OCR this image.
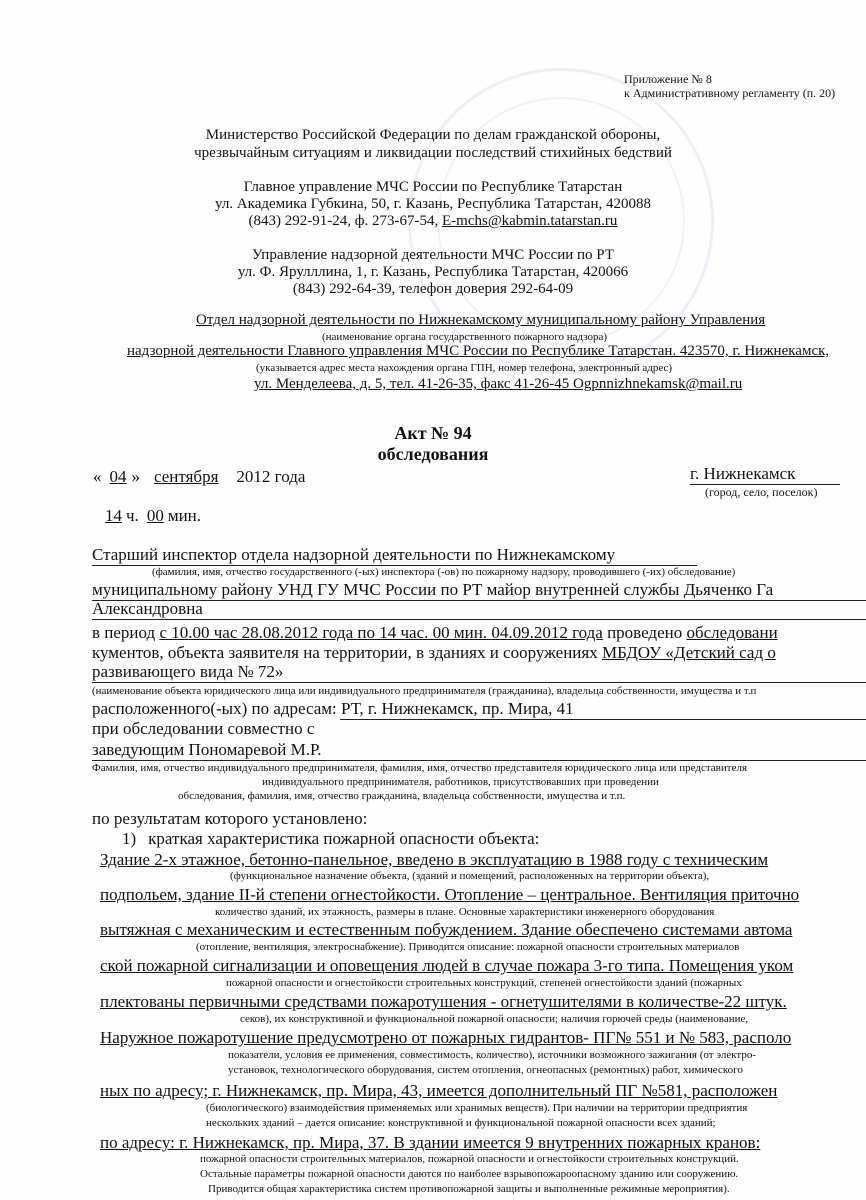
Приложение № 8

к Административному регламенту (п. 20)

Министерство Российской Федерации по делам гражданской обороны,

чрезвычайным ситуациям и ликвидации последствий стихийных бедствий

Главное управление МЧС России по Республике Татарстан

ул. Академика Губкина, 50, г. Казань, Республика Татарстан, 420088

(843) 292-91-24, ф. 273-67-54, E-mchs@kabmin.tatarstan.ru

Управление надзорной деятельности МЧС России по РТ

ул. Ф. Ярулллина, 1, г. Казань, Республика Татарстан, 420066

(843) 292-64-39, телефон доверия 292-64-09

Отдел надзорной деятельности по Нижнекамскому муниципальному району Управления

(наименование органа государственного пожарного надзора)

надзорной деятельности Главного управления МЧС России по Республике Татарстан. 423570, г. Нижнекамск,

(указывается адрес места нахождения органа ГПН, номер телефона, электронный адрес)

ул. Менделеева, д. 5, тел. 41-26-35, факс 41-26-45 Ogpnnizhnekamsk@mail.ru

Акт № 94

обследования

« 04 » сентября 2012 года	г. Нижнекамск

(город, село, поселок)

14 ч. 00 мин.

Старший инспектор отдела надзорной деятельности по Нижнекамскому

(фамилия, имя, отчество государственного (-ых) инспектора (-ов) по пожарному надзору, проводившего (-их) обследование)

муниципальному району УНД ГУ МЧС России по РТ майор внутренней службы Дьяченко Га

Александровна

в период с 10.00 час 28.08.2012 года по 14 час. 00 мин. 04.09.2012 года проведено обследовани

кументов, объекта заявителя на территории, в зданиях и сооружениях МБДОУ «Детский сад о

развивающего вида № 72»

(наименование объекта юридического лица или индивидуального предпринимателя (гражданина), владельца собственности, имущества и т.п

расположенного(-ых) по адресам: РТ, г. Нижнекамск, пр. Мира, 41

при обследовании совместно с

заведующим Пономаревой М.Р.

Фамилия, имя, отчество индивидуального предпринимателя, фамилия, имя, отчество представителя юридического лица или представителя

индивидуального предпринимателя, работников, присутствовавших при проведении

обследования, фамилия, имя, отчество гражданина, владельца собственности, имущества и т.п.

по результатам которого установлено:

1) краткая характеристика пожарной опасности объекта:

Здание 2-х этажное, бетонно-панельное, введено в эксплуатацию в 1988 году с техническим

(функциональное назначение объекта, (зданий и помещений, расположенных на территории объекта),

подпольем, здание II-й степени огнестойкости. Отопление – центральное. Вентиляция приточно

количество зданий, их этажность, размеры в плане. Основные характеристики инженерного оборудования

вытяжная с механическим и естественным побуждением. Здание обеспечено системами автома

(отопление, вентиляция, электроснабжение). Приводится описание: пожарной опасности строительных материалов

ской пожарной сигнализации и оповещения людей в случае пожара 3-го типа. Помещения уком

пожарной опасности и огнестойкости строительных конструкций, степеней огнестойкости зданий (пожарных

плектованы первичными средствами пожаротушения - огнетушителями в количестве-22 штук.

секов), их конструктивной и функциональной пожарной опасности; наличия горючей среды (наименование,

Наружное пожаротушение предусмотрено от пожарных гидрантов- ПГ№ 551 и № 583, располо

показатели, условия ее применения, совместимость, количество), источники возможного зажигания (от электро-

установок, технологического оборудования, систем отопления, огнеопасных (ремонтных) работ, химического

ных по адресу; г. Нижнекамск, пр. Мира, 43, имеется дополнительный ПГ №581, расположен

(биологического) взаимодействия применяемых или хранимых веществ). При наличии на территории предприятия

нескольких зданий – дается описание: конструктивной и функциональной пожарной опасности всех зданий;

по адресу: г. Нижнекамск, пр. Мира, 37. В здании имеется 9 внутренних пожарных кранов:

пожарной опасности строительных материалов, пожарной опасности и огнестойкости строительных конструкций.

Остальные параметры пожарной опасности даются по наиболее взрывопожароопасному зданию или сооружению.

Приводится общая характеристика систем противопожарной защиты и выполненные режимные мероприятия).
